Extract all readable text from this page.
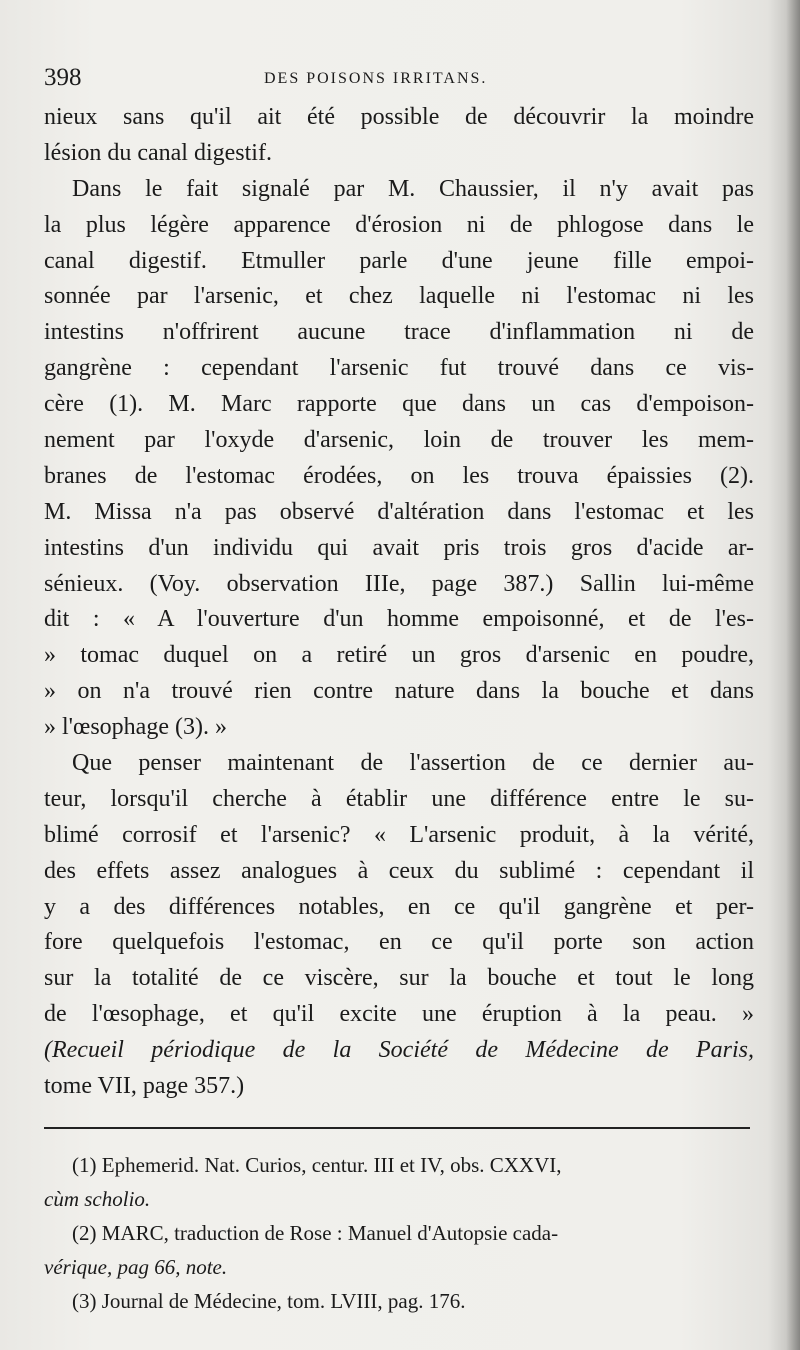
398	DES POISONS IRRITANS.
nieux sans qu'il ait été possible de découvrir la moindre
lésion du canal digestif.
Dans le fait signalé par M. Chaussier, il n'y avait pas
la plus légère apparence d'érosion ni de phlogose dans le
canal digestif. Etmuller parle d'une jeune fille empoi-
sonnée par l'arsenic, et chez laquelle ni l'estomac ni les
intestins n'offrirent aucune trace d'inflammation ni de
gangrène : cependant l'arsenic fut trouvé dans ce vis-
cère (1). M. Marc rapporte que dans un cas d'empoison-
nement par l'oxyde d'arsenic, loin de trouver les mem-
branes de l'estomac érodées, on les trouva épaissies (2).
M. Missa n'a pas observé d'altération dans l'estomac et les
intestins d'un individu qui avait pris trois gros d'acide ar-
sénieux. (Voy. observation IIIe, page 387.) Sallin lui-même
dit : « A l'ouverture d'un homme empoisonné, et de l'es-
» tomac duquel on a retiré un gros d'arsenic en poudre,
» on n'a trouvé rien contre nature dans la bouche et dans
» l'œsophage (3). »
Que penser maintenant de l'assertion de ce dernier au-
teur, lorsqu'il cherche à établir une différence entre le su-
blimé corrosif et l'arsenic? « L'arsenic produit, à la vérité,
des effets assez analogues à ceux du sublimé : cependant il
y a des différences notables, en ce qu'il gangrène et per-
fore quelquefois l'estomac, en ce qu'il porte son action
sur la totalité de ce viscère, sur la bouche et tout le long
de l'œsophage, et qu'il excite une éruption à la peau. »
(Recueil périodique de la Société de Médecine de Paris,
tome VII, page 357.)
(1) Ephemerid. Nat. Curios, centur. III et IV, obs. CXXVI,
cùm scholio.
(2) MARC, traduction de Rose : Manuel d'Autopsie cada-
vérique, pag 66, note.
(3) Journal de Médecine, tom. LVIII, pag. 176.
